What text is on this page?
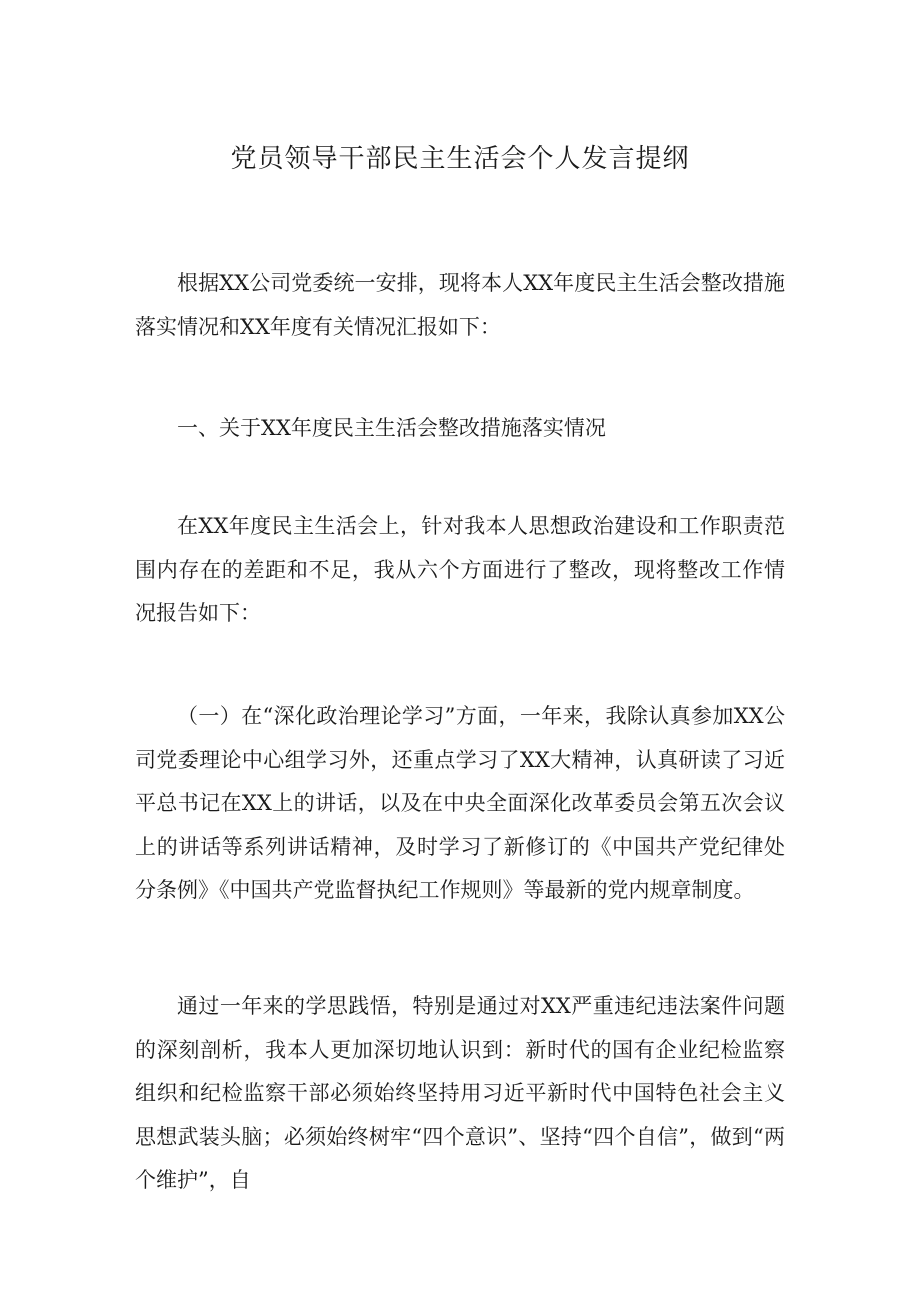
党员领导干部民主生活会个人发言提纲

根据XX公司党委统一安排，现将本人XX年度民主生活会整改措施落实情况和XX年度有关情况汇报如下：

一、关于XX年度民主生活会整改措施落实情况

在XX年度民主生活会上，针对我本人思想政治建设和工作职责范围内存在的差距和不足，我从六个方面进行了整改，现将整改工作情况报告如下：

（一）在“深化政治理论学习”方面，一年来，我除认真参加XX公司党委理论中心组学习外，还重点学习了XX大精神，认真研读了习近平总书记在XX上的讲话，以及在中央全面深化改革委员会第五次会议上的讲话等系列讲话精神，及时学习了新修订的《中国共产党纪律处分条例》《中国共产党监督执纪工作规则》等最新的党内规章制度。

通过一年来的学思践悟，特别是通过对XX严重违纪违法案件问题的深刻剖析，我本人更加深切地认识到：新时代的国有企业纪检监察组织和纪检监察干部必须始终坚持用习近平新时代中国特色社会主义思想武装头脑；必须始终树牢“四个意识”、坚持“四个自信”，做到“两个维护”，自
